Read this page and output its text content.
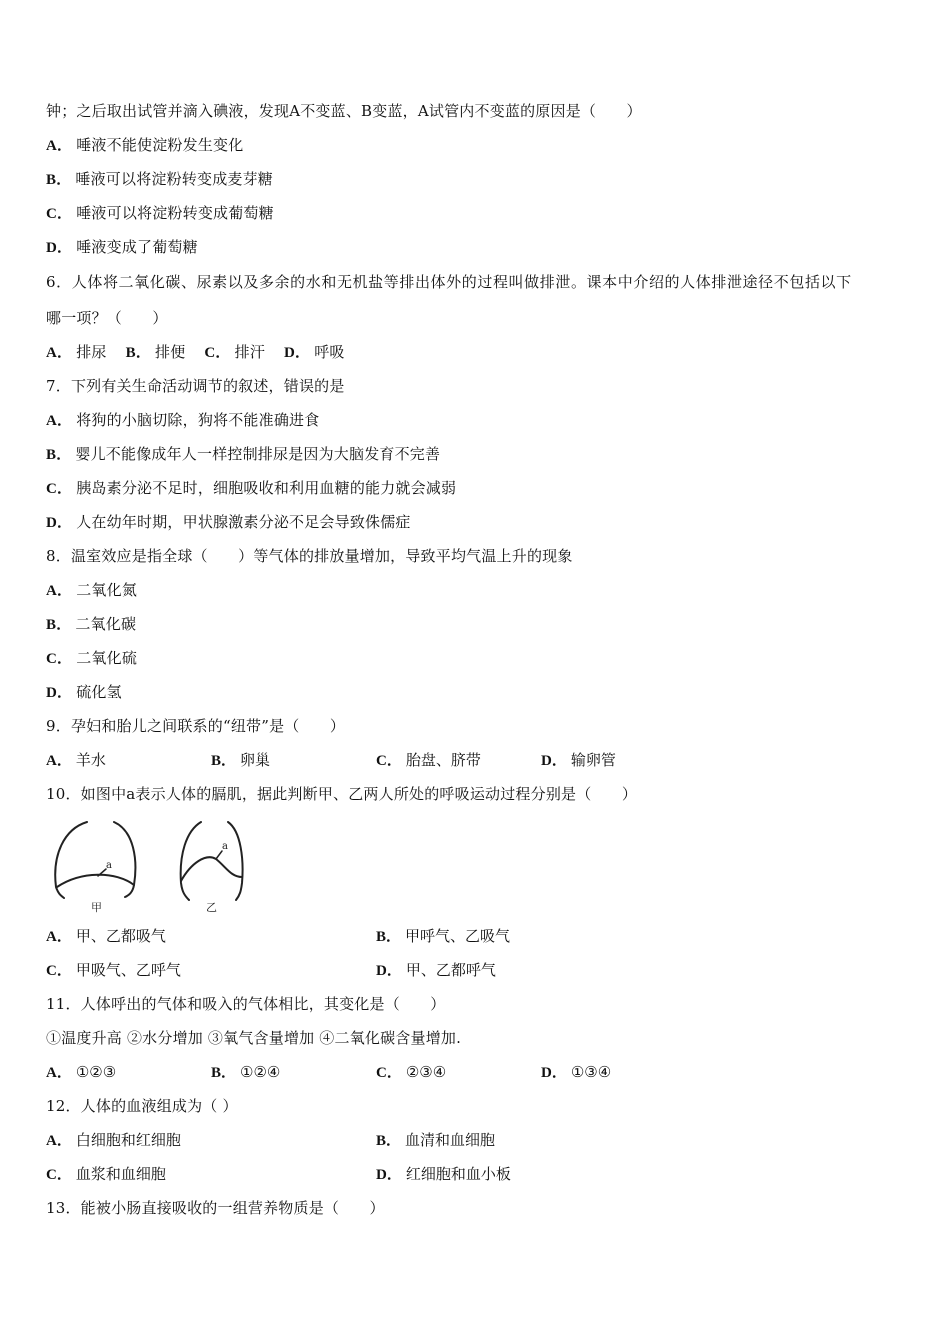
钟；之后取出试管并滴入碘液，发现A不变蓝、B变蓝，A试管内不变蓝的原因是（　　）
A． 唾液不能使淀粉发生变化
B． 唾液可以将淀粉转变成麦芽糖
C． 唾液可以将淀粉转变成葡萄糖
D． 唾液变成了葡萄糖
6．人体将二氧化碳、尿素以及多余的水和无机盐等排出体外的过程叫做排泄。课本中介绍的人体排泄途径不包括以下
哪一项？（　　）
A． 排尿 B． 排便 C． 排汗 D． 呼吸
7．下列有关生命活动调节的叙述，错误的是
A． 将狗的小脑切除，狗将不能准确进食
B． 婴儿不能像成年人一样控制排尿是因为大脑发育不完善
C． 胰岛素分泌不足时，细胞吸收和利用血糖的能力就会减弱
D． 人在幼年时期，甲状腺激素分泌不足会导致侏儒症
8．温室效应是指全球（　　）等气体的排放量增加，导致平均气温上升的现象
A． 二氧化氮
B． 二氧化碳
C． 二氧化硫
D． 硫化氢
9．孕妇和胎儿之间联系的“纽带”是（　　）
A． 羊水	B． 卵巢	C． 胎盘、脐带	D． 输卵管
10．如图中a表示人体的膈肌，据此判断甲、乙两人所处的呼吸运动过程分别是（　　）
a
a
甲	乙
A． 甲、乙都吸气	B． 甲呼气、乙吸气
C． 甲吸气、乙呼气	D． 甲、乙都呼气
11．人体呼出的气体和吸入的气体相比，其变化是（　　）
①温度升高 ②水分增加 ③氧气含量增加 ④二氧化碳含量增加.
A． ①②③	B． ①②④	C． ②③④	D． ①③④
12．人体的血液组成为（ ）
A． 白细胞和红细胞	B． 血清和血细胞
C． 血浆和血细胞	D． 红细胞和血小板
13．能被小肠直接吸收的一组营养物质是（　　）
